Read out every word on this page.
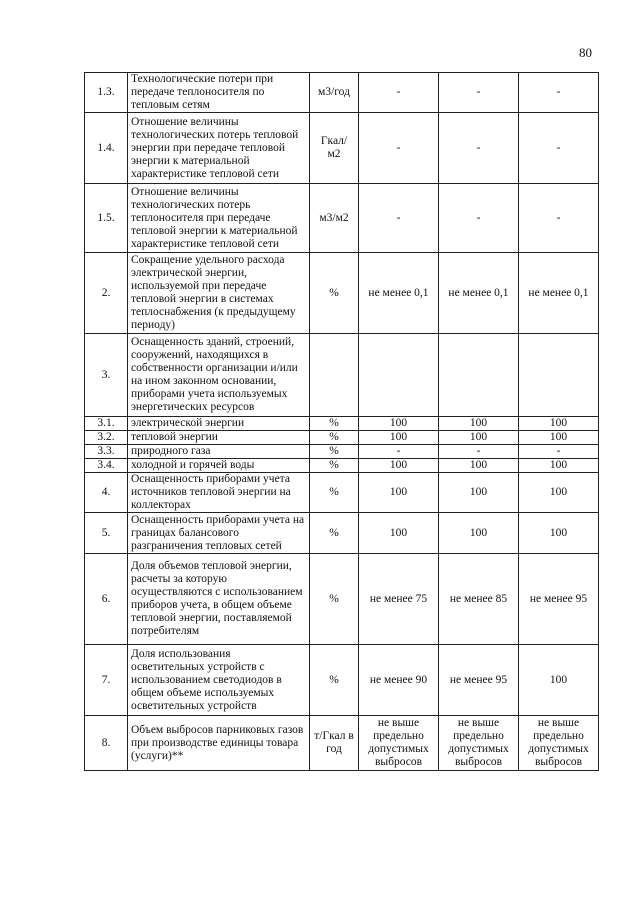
80
1.3.	Технологические потери при передаче теплоносителя по тепловым сетям	м3/год	-	-	-
1.4.	Отношение величины технологических потерь тепловой энергии при передаче тепловой энергии к материальной характеристике тепловой сети	Гкал/ м2	-	-	-
1.5.	Отношение величины технологических потерь теплоносителя при передаче тепловой энергии к материальной характеристике тепловой сети	м3/м2	-	-	-
2.	Сокращение удельного расхода электрической энергии, используемой при передаче тепловой энергии в системах теплоснабжения (к предыдущему периоду)	%	не менее 0,1	не менее 0,1	не менее 0,1
3.	Оснащенность зданий, строений, сооружений, находящихся в собственности организации и/или на ином законном основании, приборами учета используемых энергетических ресурсов				
3.1.	электрической энергии	%	100	100	100
3.2.	тепловой энергии	%	100	100	100
3.3.	природного газа	%	-	-	-
3.4.	холодной и горячей воды	%	100	100	100
4.	Оснащенность приборами учета источников тепловой энергии на коллекторах	%	100	100	100
5.	Оснащенность приборами учета на границах балансового разграничения тепловых сетей	%	100	100	100
6.	Доля объемов тепловой энергии, расчеты за которую осуществляются с использованием приборов учета, в общем объеме тепловой энергии, поставляемой потребителям	%	не менее 75	не менее 85	не менее 95
7.	Доля использования осветительных устройств с использованием светодиодов в общем объеме используемых осветительных устройств	%	не менее 90	не менее 95	100
8.	Объем выбросов парниковых газов при производстве единицы товара (услуги)**	т/Гкал в год	не выше предельно допустимых выбросов	не выше предельно допустимых выбросов	не выше предельно допустимых выбросов
